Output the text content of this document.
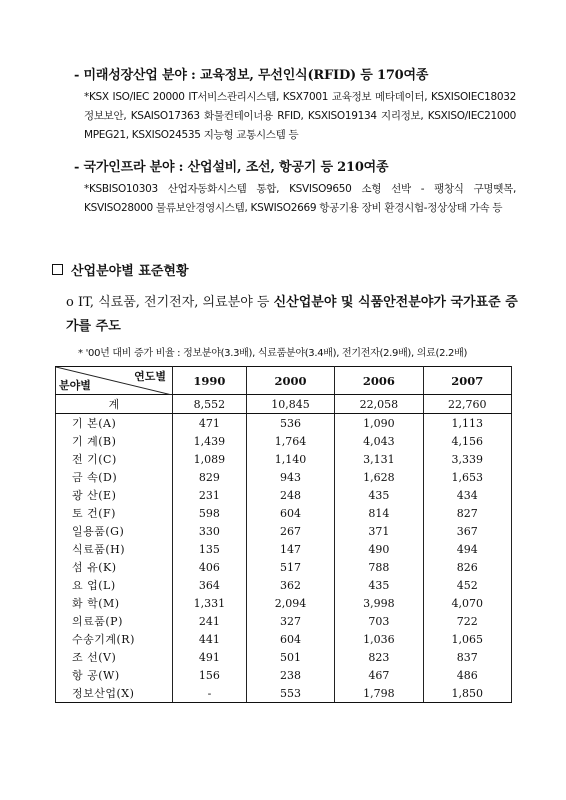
- 미래성장산업 분야 : 교육정보, 무선인식(RFID) 등 170여종
*KSX ISO/IEC 20000 IT서비스관리시스템, KSX7001 교육정보 메타데이터, KSXISOIEC18032 정보보안, KSAISO17363 화물컨테이너용 RFID, KSXISO19134 지리정보, KSXISO/IEC21000 MPEG21, KSXISO24535 지능형 교통시스템 등
- 국가인프라 분야 : 산업설비, 조선, 항공기 등 210여종
*KSBISO10303 산업자동화시스템 통합, KSVISO9650 소형 선박 - 팽창식 구명뗏목, KSVISO28000 물류보안경영시스템, KSWISO2669 항공기용 장비 환경시험-정상상태 가속 등
산업분야별 표준현황
o IT, 식료품, 전기전자, 의료분야 등 신산업분야 및 식품안전분야가 국가표준 증가를 주도
* '00년 대비 증가 비율 : 정보분야(3.3배), 식료품분야(3.4배), 전기전자(2.9배), 의료(2.2배)
연도별
분야별	1990	2000	2006	2007
계	8,552	10,845	22,058	22,760
기 본(A)	471	536	1,090	1,113
기 계(B)	1,439	1,764	4,043	4,156
전 기(C)	1,089	1,140	3,131	3,339
금 속(D)	829	943	1,628	1,653
광 산(E)	231	248	435	434
토 건(F)	598	604	814	827
일용품(G)	330	267	371	367
식료품(H)	135	147	490	494
섬 유(K)	406	517	788	826
요 업(L)	364	362	435	452
화 학(M)	1,331	2,094	3,998	4,070
의료품(P)	241	327	703	722
수송기계(R)	441	604	1,036	1,065
조 선(V)	491	501	823	837
항 공(W)	156	238	467	486
정보산업(X)	-	553	1,798	1,850
